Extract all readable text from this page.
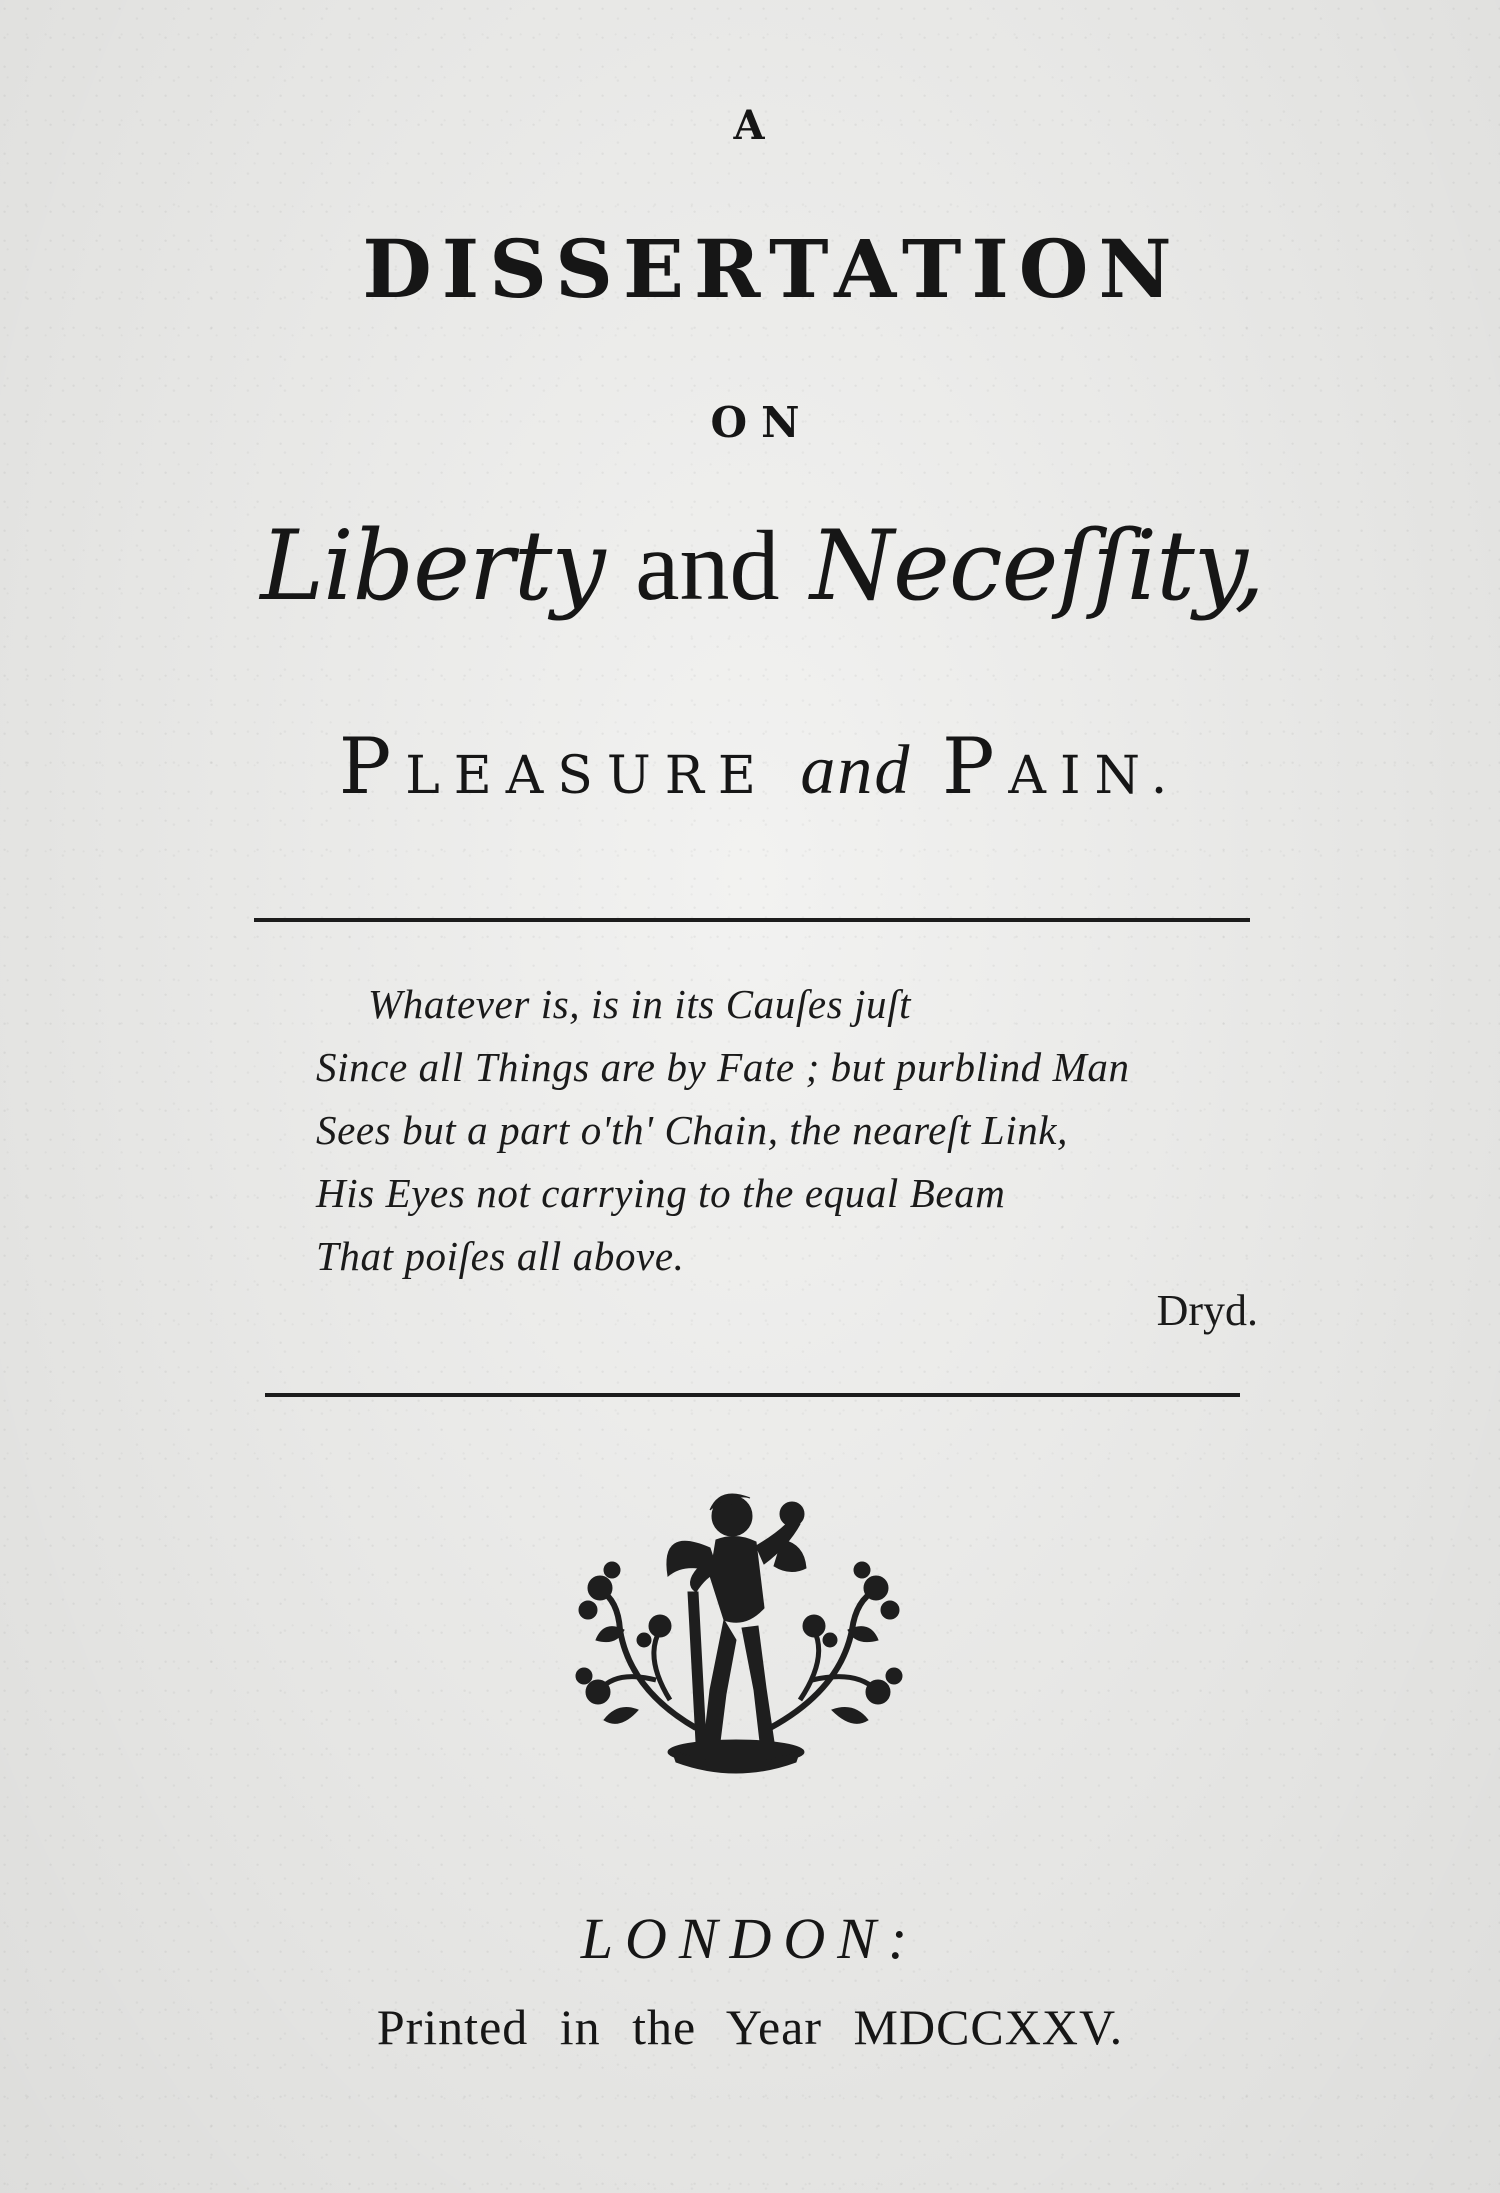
A
DISSERTATION
ON
Liberty and Neceſſity,
PLEASURE and PAIN.
Whatever is, is in its Cauſes juſt
Since all Things are by Fate ; but purblind Man
Sees but a part o'th' Chain, the neareſt Link,
His Eyes not carrying to the equal Beam
That poiſes all above.
Dryd.
LONDON:
Printed in the Year MDCCXXV.
